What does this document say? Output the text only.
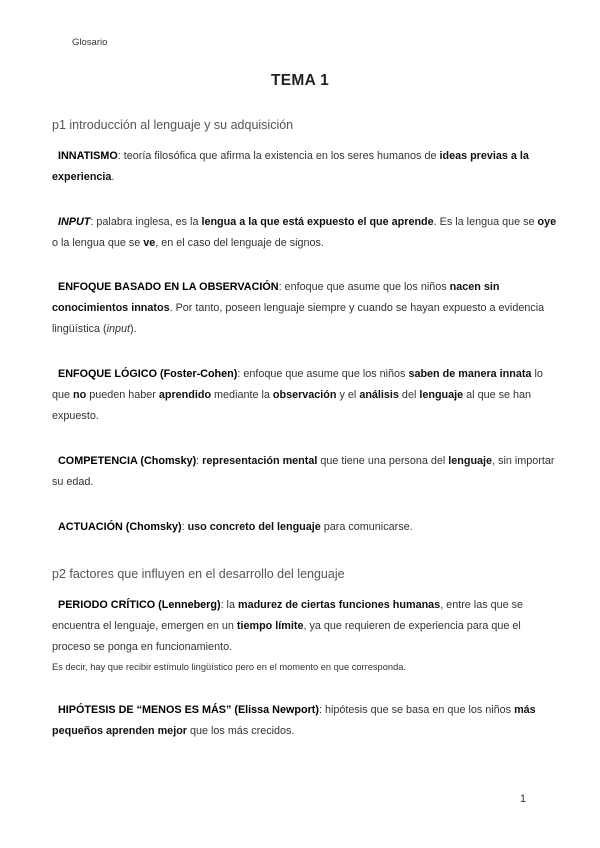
Glosario
TEMA 1
p1 introducción al lenguaje y su adquisición
INNATISMO: teoría filosófica que afirma la existencia en los seres humanos de ideas previas a la experiencia.
INPUT: palabra inglesa, es la lengua a la que está expuesto el que aprende. Es la lengua que se oye o la lengua que se ve, en el caso del lenguaje de signos.
ENFOQUE BASADO EN LA OBSERVACIÓN: enfoque que asume que los niños nacen sin conocimientos innatos. Por tanto, poseen lenguaje siempre y cuando se hayan expuesto a evidencia lingüística (input).
ENFOQUE LÓGICO (Foster-Cohen): enfoque que asume que los niños saben de manera innata lo que no pueden haber aprendido mediante la observación y el análisis del lenguaje al que se han expuesto.
COMPETENCIA (Chomsky): representación mental que tiene una persona del lenguaje, sin importar su edad.
ACTUACIÓN (Chomsky): uso concreto del lenguaje para comunicarse.
p2 factores que influyen en el desarrollo del lenguaje
PERIODO CRÍTICO (Lenneberg): la madurez de ciertas funciones humanas, entre las que se encuentra el lenguaje, emergen en un tiempo límite, ya que requieren de experiencia para que el proceso se ponga en funcionamiento.
Es decir, hay que recibir estímulo lingüístico pero en el momento en que corresponda.
HIPÓTESIS DE “MENOS ES MÁS” (Elissa Newport): hipótesis que se basa en que los niños más pequeños aprenden mejor que los más crecidos.
1
